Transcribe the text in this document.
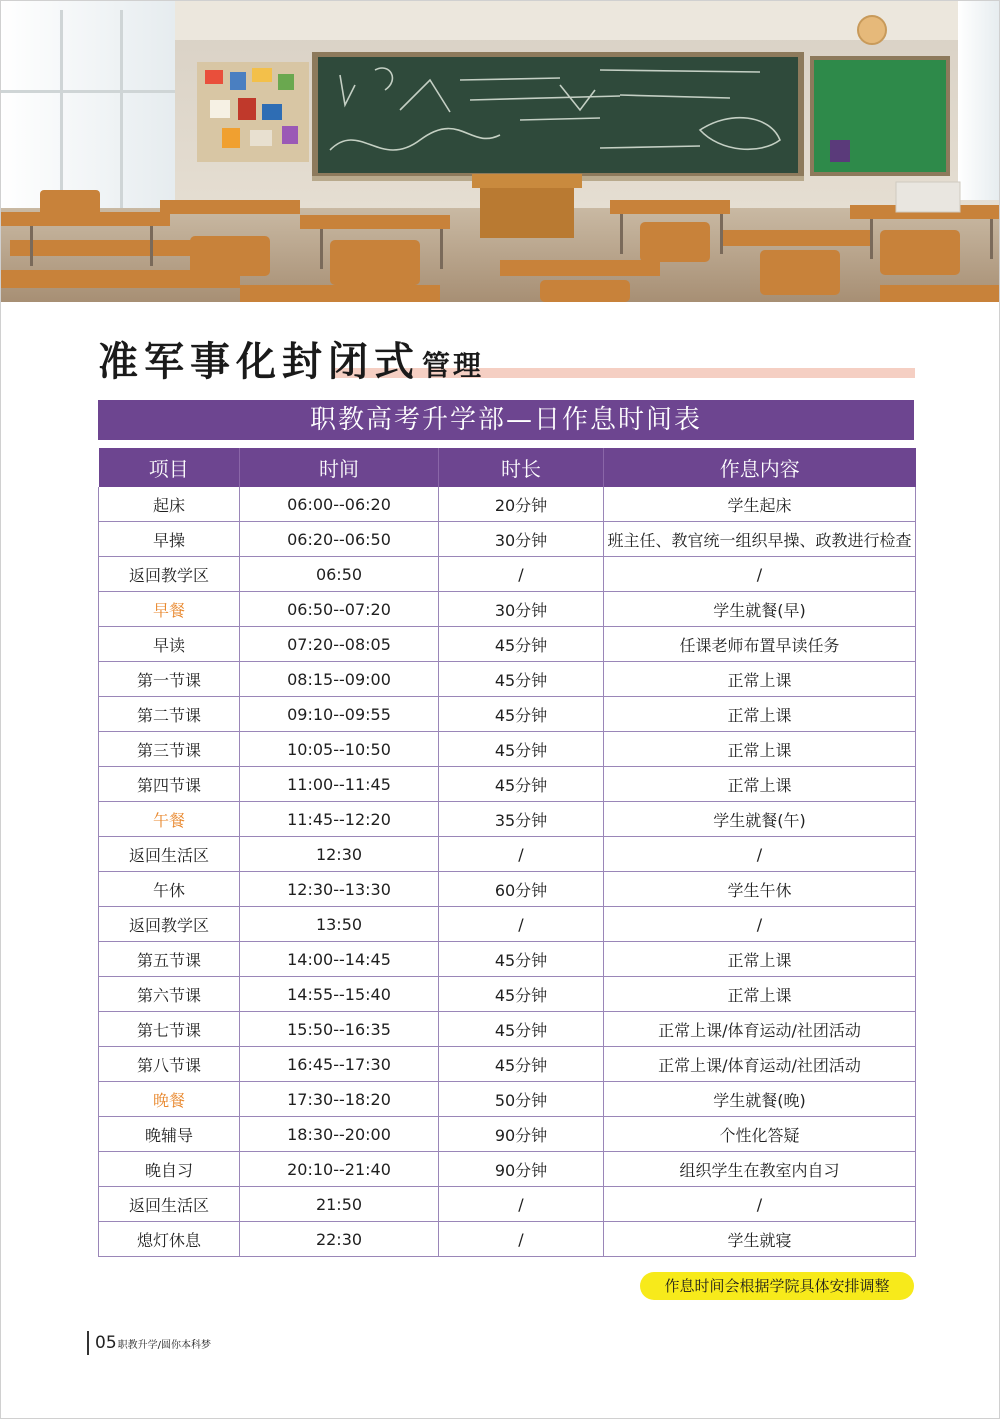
准军事化封闭式 管理
职教高考升学部—日作息时间表
项目	时间	时长	作息内容
起床	06:00--06:20	20分钟	学生起床
早操	06:20--06:50	30分钟	班主任、教官统一组织早操、政教进行检查
返回教学区	06:50	/	/
早餐	06:50--07:20	30分钟	学生就餐(早)
早读	07:20--08:05	45分钟	任课老师布置早读任务
第一节课	08:15--09:00	45分钟	正常上课
第二节课	09:10--09:55	45分钟	正常上课
第三节课	10:05--10:50	45分钟	正常上课
第四节课	11:00--11:45	45分钟	正常上课
午餐	11:45--12:20	35分钟	学生就餐(午)
返回生活区	12:30	/	/
午休	12:30--13:30	60分钟	学生午休
返回教学区	13:50	/	/
第五节课	14:00--14:45	45分钟	正常上课
第六节课	14:55--15:40	45分钟	正常上课
第七节课	15:50--16:35	45分钟	正常上课/体育运动/社团活动
第八节课	16:45--17:30	45分钟	正常上课/体育运动/社团活动
晚餐	17:30--18:20	50分钟	学生就餐(晚)
晚辅导	18:30--20:00	90分钟	个性化答疑
晚自习	20:10--21:40	90分钟	组织学生在教室内自习
返回生活区	21:50	/	/
熄灯休息	22:30	/	学生就寝
作息时间会根据学院具体安排调整
05 职教升学/圆你本科梦
